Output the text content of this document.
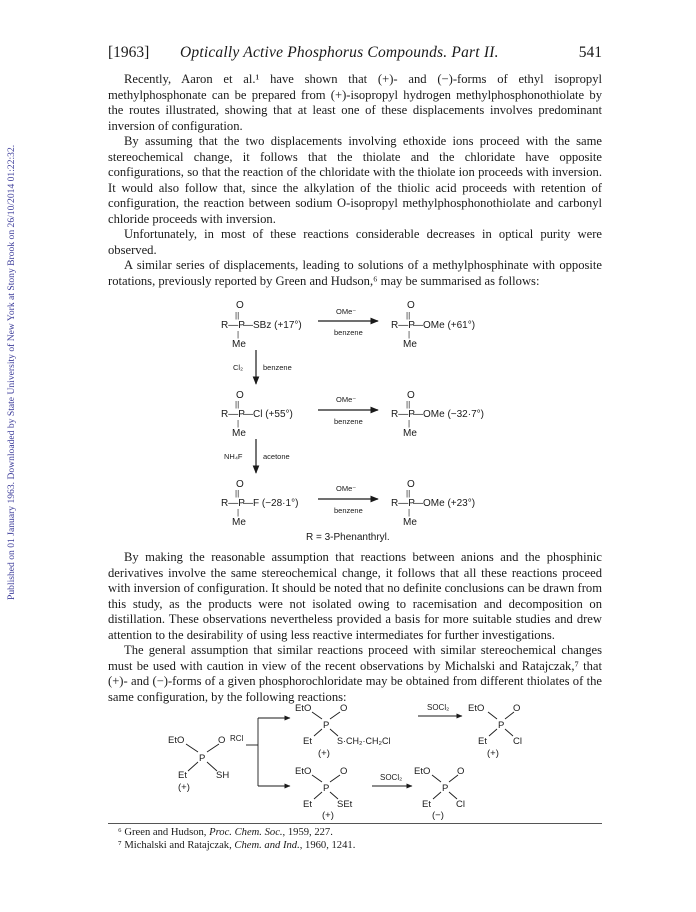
Published on 01 January 1963. Downloaded by State University of New York at Stony Brook on 26/10/2014 01:22:32.
[1963] Optically Active Phosphorus Compounds. Part II.	541

Recently, Aaron et al.¹ have shown that (+)- and (−)-forms of ethyl isopropyl methylphosphonate can be prepared from (+)-isopropyl hydrogen methylphosphonothiolate by the routes illustrated, showing that at least one of these displacements involves predominant inversion of configuration.

By assuming that the two displacements involving ethoxide ions proceed with the same stereochemical change, it follows that the thiolate and the chloridate have opposite configurations, so that the reaction of the chloridate with the thiolate ion proceeds with inversion. It would also follow that, since the alkylation of the thiolic acid proceeds with retention of configuration, the reaction between sodium O-isopropyl methylphosphonothiolate and carbonyl chloride proceeds with inversion.

Unfortunately, in most of these reactions considerable decreases in optical purity were observed.

A similar series of displacements, leading to solutions of a methylphosphinate with opposite rotations, previously reported by Green and Hudson,⁶ may be summarised as follows:

O
||
R—P
—SBz (+17°)
|
Me
OMe⁻
benzene
O
||
R—P
—OMe (+61°)
|
Me
Cl₂	benzene
O
||
R—P
—Cl (+55°)
|
Me
OMe⁻
benzene
O
||
R—P
—OMe (−32·7°)
|
Me
NH₄F	acetone
O
||
R—P
—F (−28·1°)
|
Me
OMe⁻
benzene
O
||
R—P
—OMe (+23°)
|
Me
R = 3-Phenanthryl.

By making the reasonable assumption that reactions between anions and the phosphinic derivatives involve the same stereochemical change, it follows that all these reactions proceed with inversion of configuration. It should be noted that no definite conclusions can be drawn from this study, as the products were not isolated owing to racemisation and decomposition on distillation. These observations nevertheless provided a basis for more suitable studies and drew attention to the desirability of using less reactive intermediates for further investigations.

The general assumption that similar reactions proceed with similar stereochemical changes must be used with caution in view of the recent observations by Michalski and Ratajczak,⁷ that (+)- and (−)-forms of a given phosphorochloridate may be obtained from different thiolates of the same configuration, by the following reactions:

EtO	O
P
Et	SH
(+)
RCl
EtO	O
P
Et	S·CH₂·CH₂Cl
(+)
SOCl₂ EtO	O
P
Et	Cl
(+)
EtO	O
P
Et	SEt
(+)
SOCl₂
EtO	O
P
Et	Cl
(−)
⁶ Green and Hudson, Proc. Chem. Soc., 1959, 227.
⁷ Michalski and Ratajczak, Chem. and Ind., 1960, 1241.
